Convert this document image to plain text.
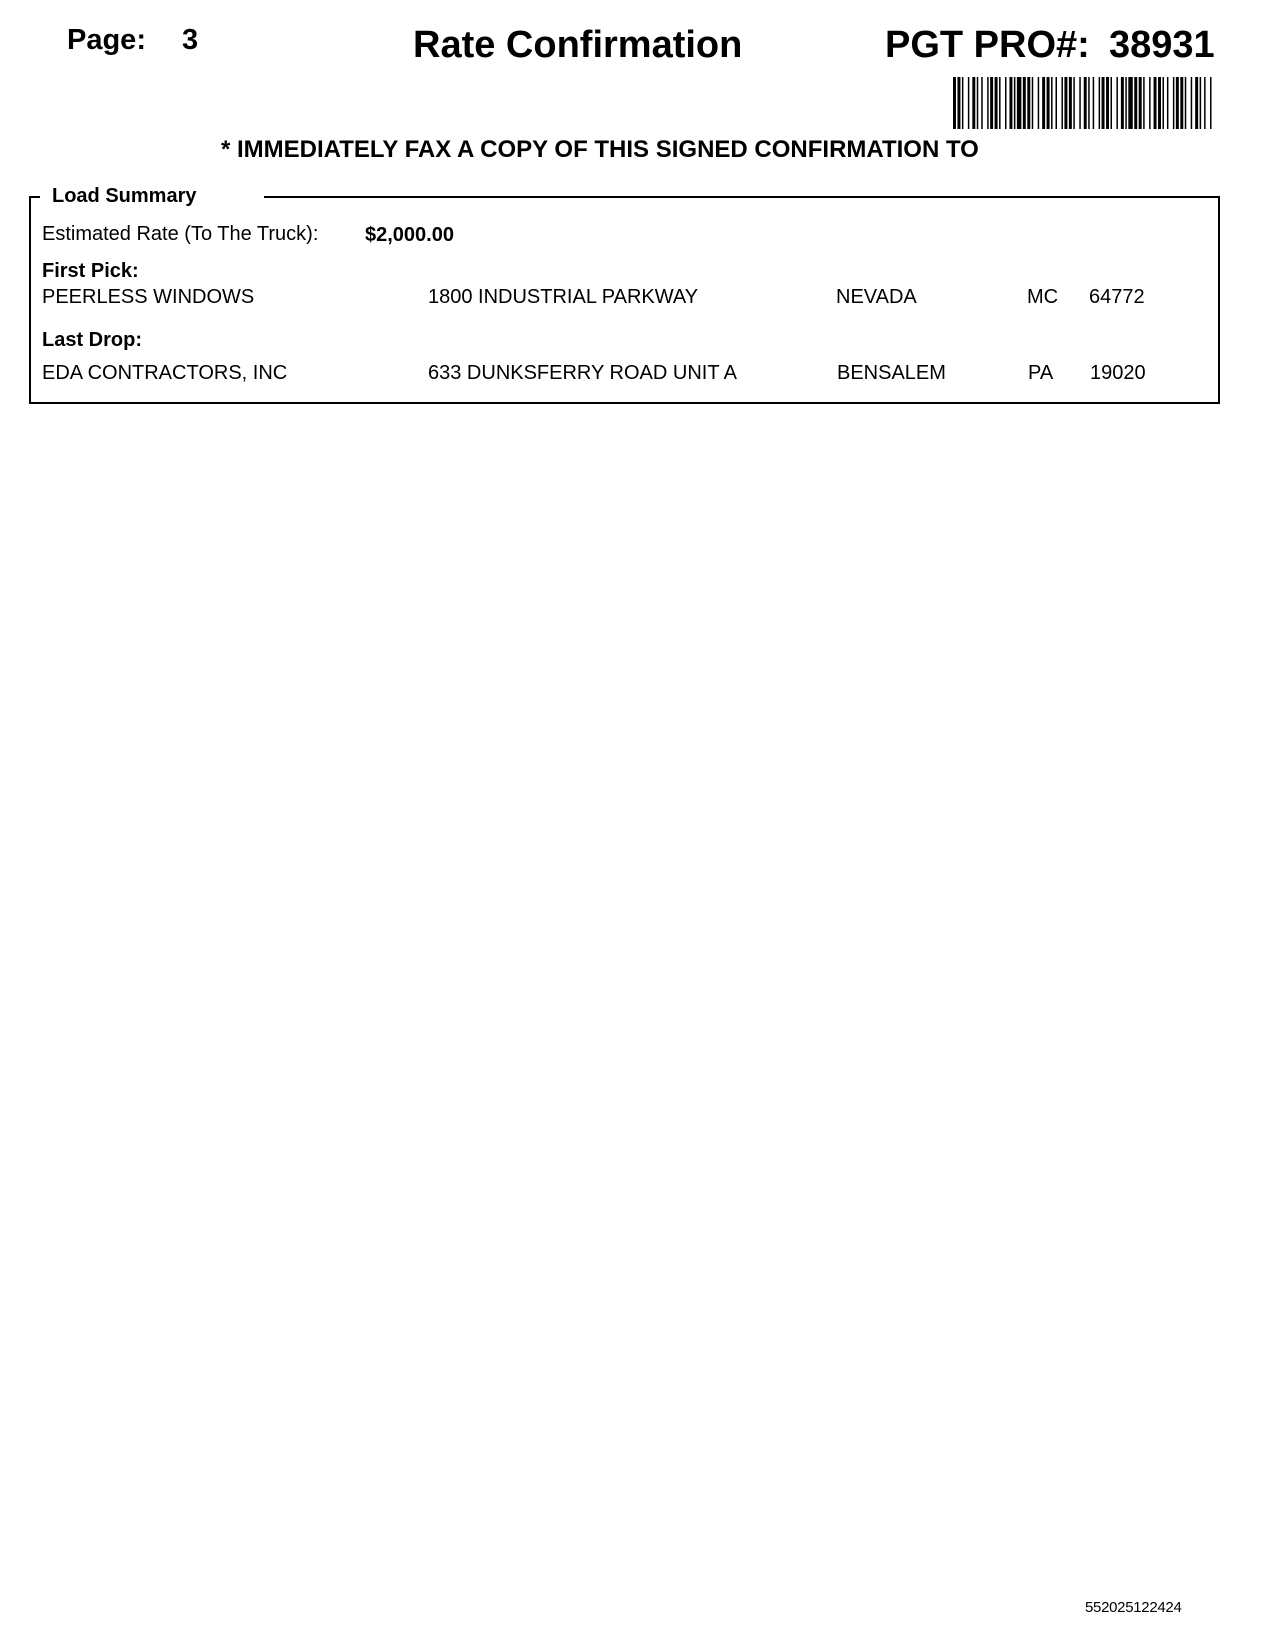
Page: 3	Rate Confirmation	PGT PRO#: 38931
* IMMEDIATELY FAX A COPY OF THIS SIGNED CONFIRMATION TO
Load Summary
Estimated Rate (To The Truck): $2,000.00
First Pick:
PEERLESS WINDOWS	1800 INDUSTRIAL PARKWAY	NEVADA	MC 64772
Last Drop:
EDA CONTRACTORS, INC	633 DUNKSFERRY ROAD UNIT A	BENSALEM	PA 19020
552025122424
